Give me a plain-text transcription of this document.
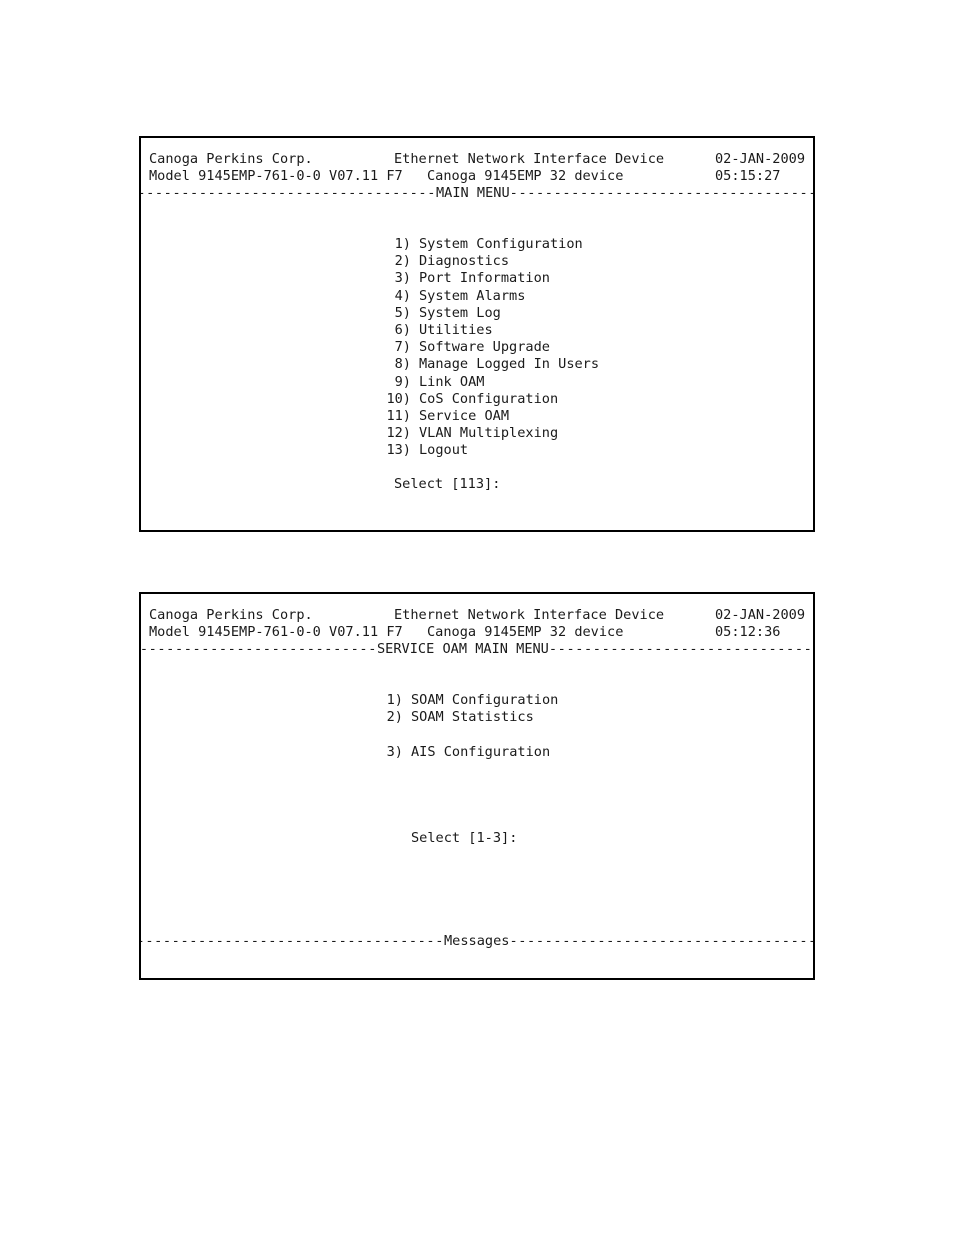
Canoga Perkins Corp.	Ethernet Network Interface Device	02-JAN-2009
Model 9145EMP-761-0-0 V07.11 F7 Canoga 9145EMP 32 device	05:15:27
-----
MAIN MENU
-----
1) System Configuration
2) Diagnostics
3) Port Information
4) System Alarms
5) System Log
6) Utilities
7) Software Upgrade
8) Manage Logged In Users
9) Link OAM
10) CoS Configuration
11) Service OAM
12) VLAN Multiplexing
13) Logout
Select [113]:
Canoga Perkins Corp.	Ethernet Network Interface Device	02-JAN-2009
Model 9145EMP-761-0-0 V07.11 F7 Canoga 9145EMP 32 device	05:12:36
-----
SERVICE OAM MAIN MENU
-----
1) SOAM Configuration
2) SOAM Statistics
3) AIS Configuration
Select [1-3]:
-----
Messages
-----
